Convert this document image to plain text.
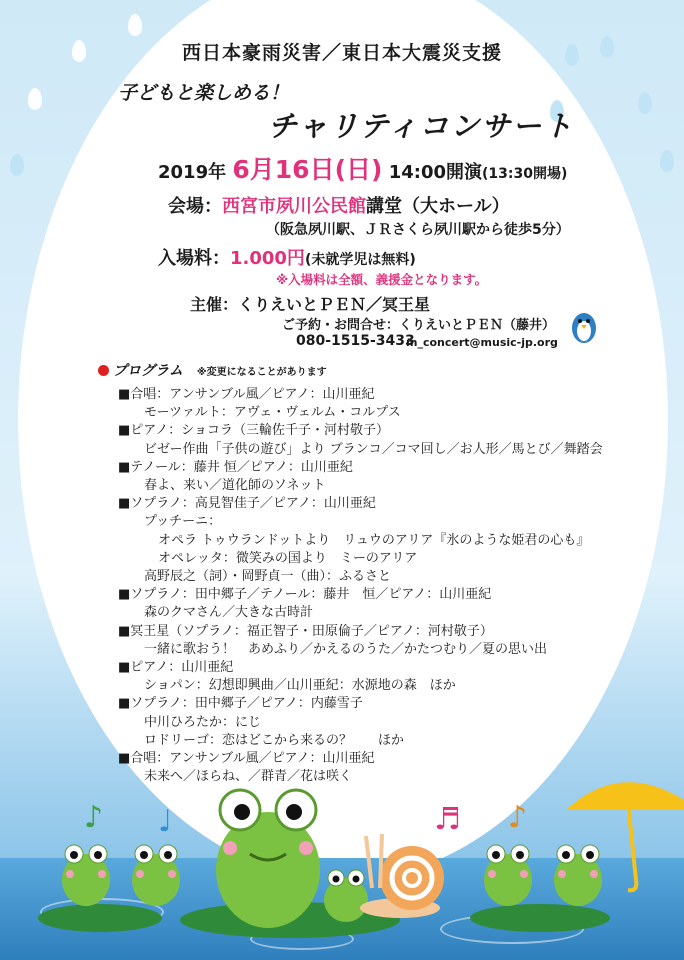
西日本豪雨災害／東日本大震災支援
子どもと楽しめる！
チャリティコンサート
2019年 6月16日(日) 14:00開演(13:30開場)
会場：西宮市夙川公民館講堂（大ホール）
（阪急夙川駅、ＪＲさくら夙川駅から徒歩5分）
入場料：1.000円(未就学児は無料)
※入場料は全額、義援金となります。
主催：くりえいとＰＥＮ／冥王星
ご予約・お問合せ：くりえいとＰＥＮ（藤井）
080-1515-3433
m_concert@music-jp.org
プログラム ※変更になることがあります
■合唱：アンサンブル風／ピアノ：山川亜紀
モーツァルト：アヴェ・ヴェルム・コルプス
■ピアノ：ショコラ（三輪佐千子・河村敬子）
ビゼー作曲「子供の遊び」より ブランコ／コマ回し／お人形／馬とび／舞踏会
■テノール：藤井 恒／ピアノ：山川亜紀
春よ、来い／道化師のソネット
■ソプラノ：高見智佳子／ピアノ：山川亜紀
プッチーニ：
オペラ トゥウランドットより　リュウのアリア『氷のような姫君の心も』
オペレッタ：微笑みの国より　ミーのアリア
高野辰之（詞）・岡野貞一（曲）：ふるさと
■ソプラノ：田中郷子／テノール：藤井　恒／ピアノ：山川亜紀
森のクマさん／大きな古時計
■冥王星（ソプラノ：福正智子・田原倫子／ピアノ：河村敬子）
一緒に歌おう！　あめふり／かえるのうた／かたつむり／夏の思い出
■ピアノ：山川亜紀
ショパン：幻想即興曲／山川亜紀：水源地の森　ほか
■ソプラノ：田中郷子／ピアノ：内藤雪子
中川ひろたか：にじ
ロドリーゴ：恋はどこから来るの？　　ほか
■合唱：アンサンブル風／ピアノ：山川亜紀
未来へ／ほらね、／群青／花は咲く
♪ ♩	♬ ♪
